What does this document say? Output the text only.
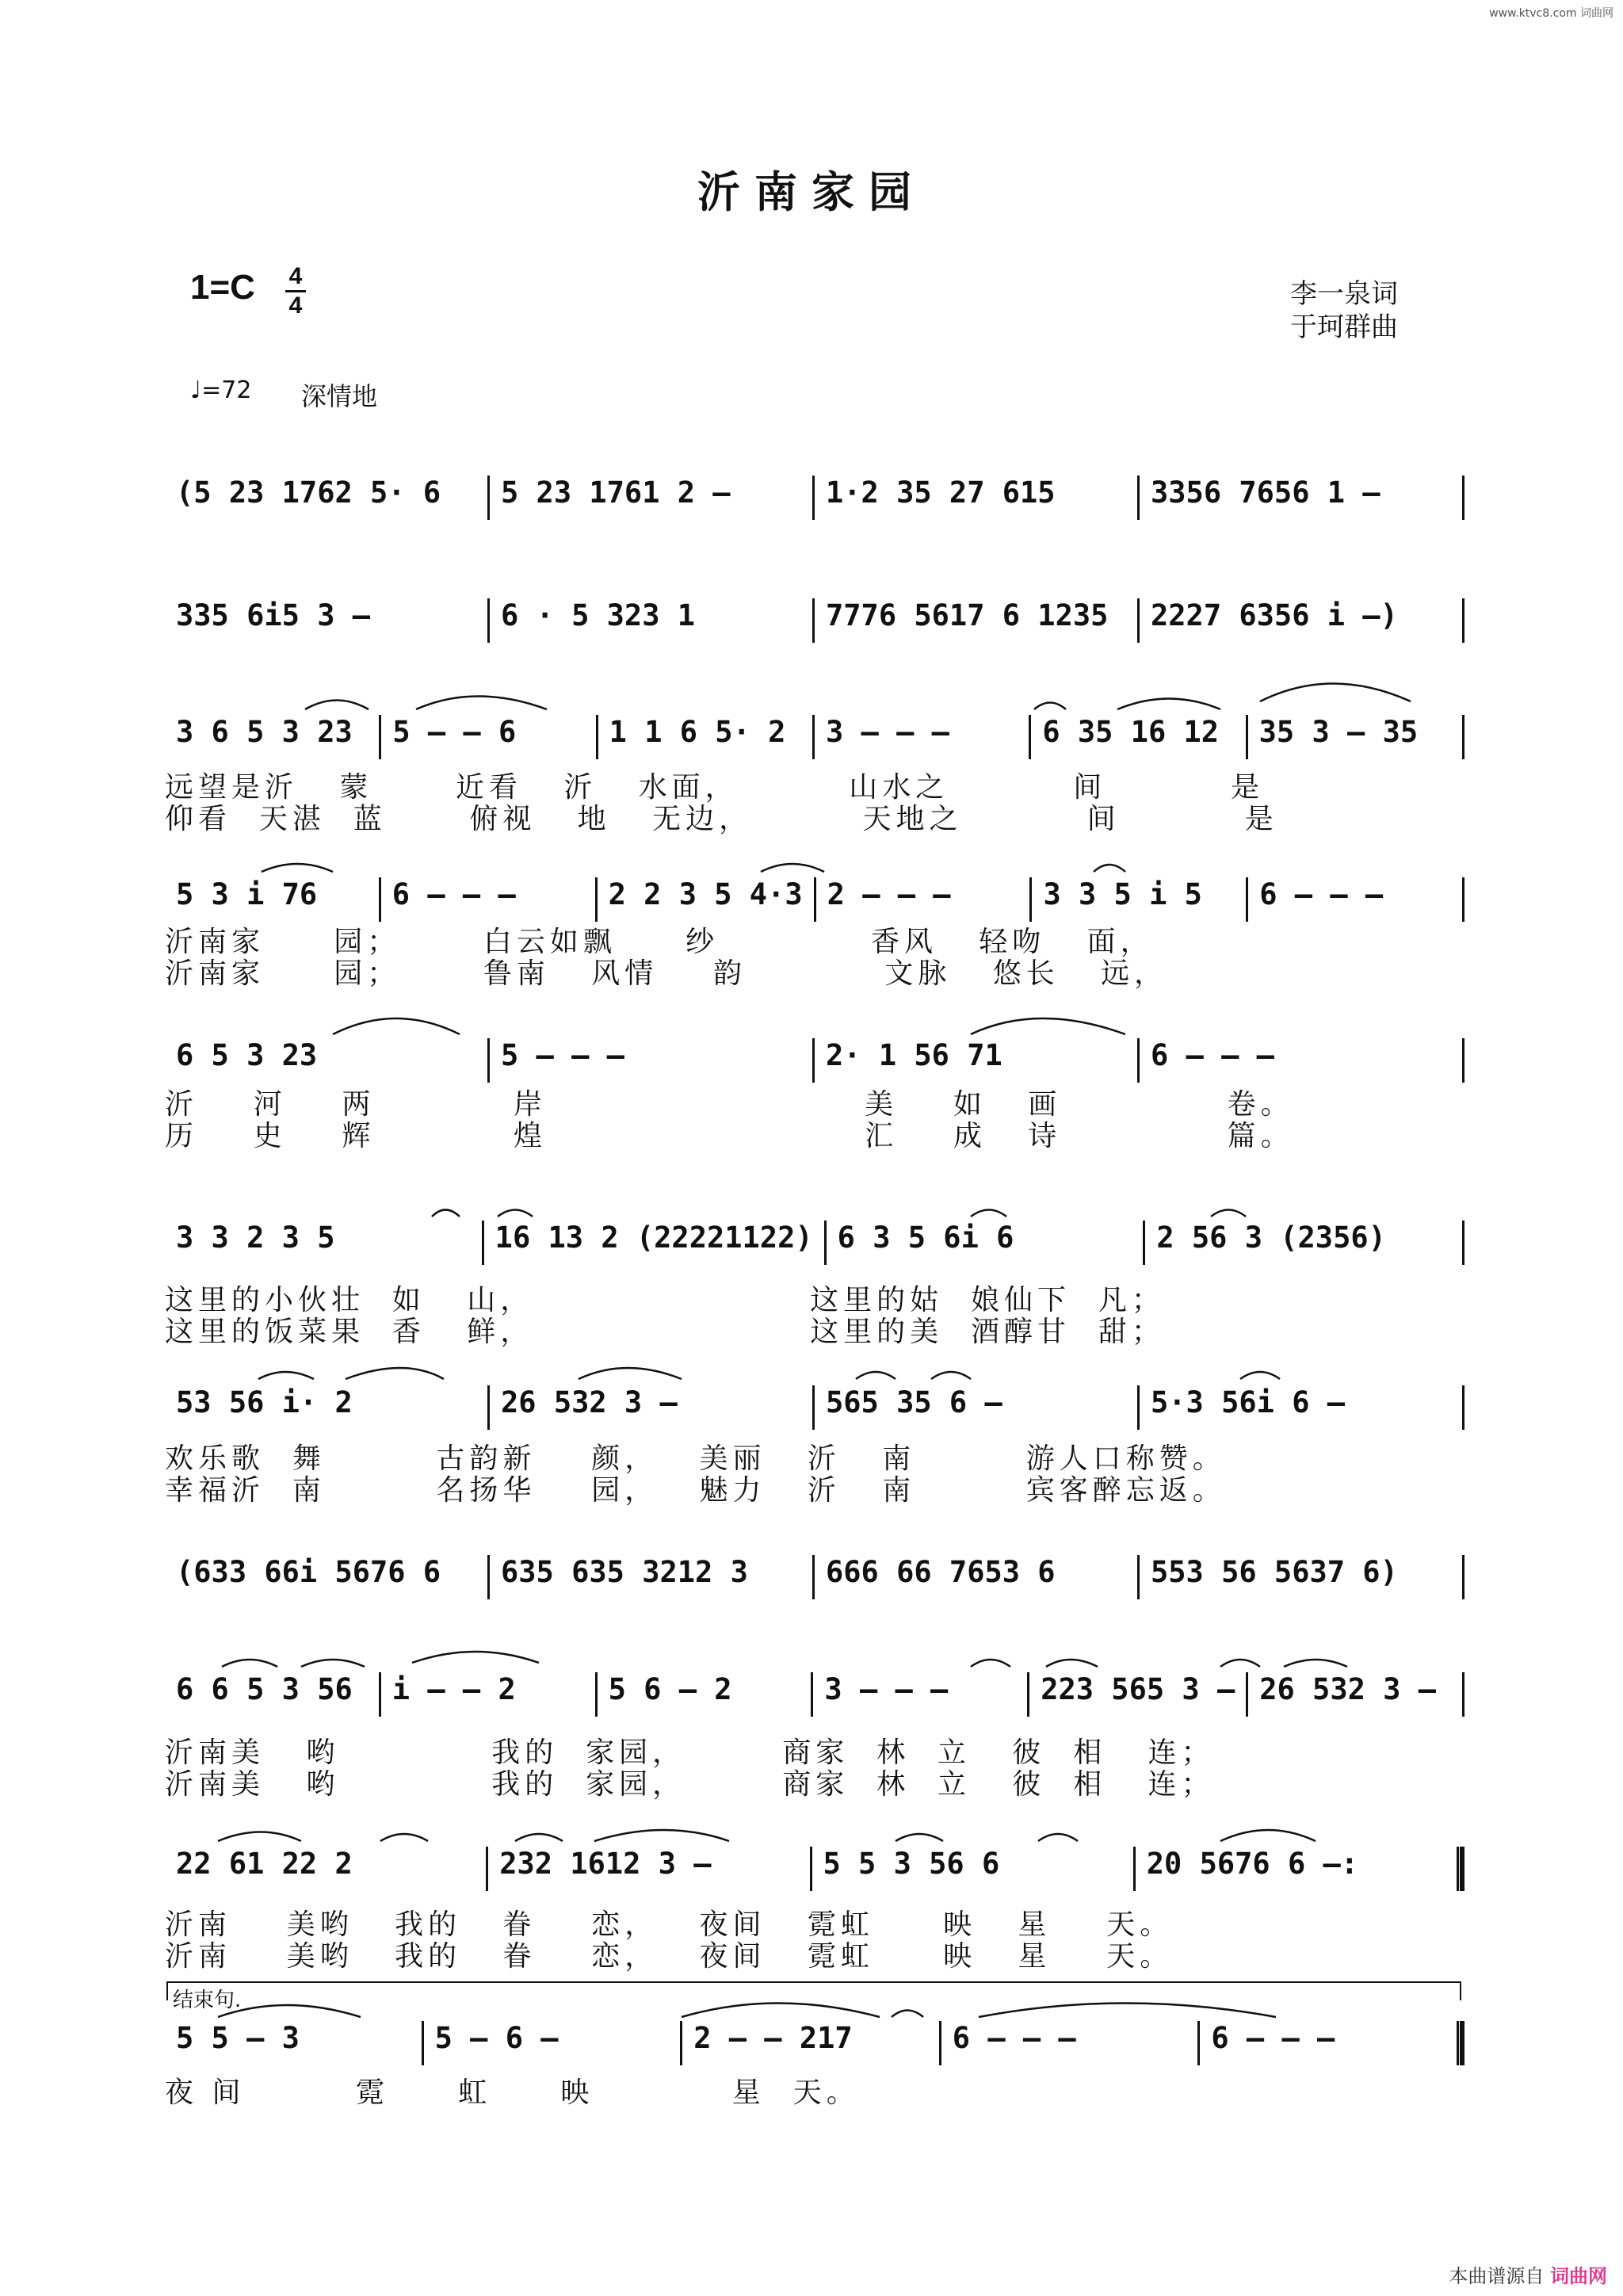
www.ktvc8.com 词曲网
沂南家园
1=C 4
4	李一泉词
于珂群曲
♩=72 深情地
(5 23 1762 5· 6	5 23 1761 2 –	1·2 35 27 615	3356 7656 1 –
335 6i5 3 –	6 · 5 323 1	7776 5617 6 1235	2227 6356 i –)
3 6 5 3 23	5 – – 6	1 1 6 5· 2	3 – – –	6 35 16 12	35 3 – 35
远望是沂   蒙      近看   沂   水面，        山水之         间         是
仰看  天湛  蓝      俯视   地   无边，        天地之         间         是
5 3 i 76	6 – – –	2 2 3 5 4·3 2 – – –	3 3 5 i 5	6 – – –
沂南家     园；      白云如飘     纱           香风   轻吻   面，
沂南家     园；      鲁南   风情    韵          文脉   悠长   远，
6 5 3 23	5 – – –	2· 1 56 71	6 – – –
沂    河    两          岸                       美    如   画            卷。
历    史    辉          煌                       汇    成   诗            篇。
3 3 2 3 5	16 13 2 (22221122) 6 3 5 6i 6	2 56 3 (2356)
这里的小伙壮  如   山，                    这里的姑  娘仙下  凡；
这里的饭菜果  香   鲜，                    这里的美  酒醇甘  甜；
53 56 i· 2	26 532 3 –	565 35 6 –	5·3 56i 6 –
欢乐歌  舞        古韵新    颜，   美丽   沂   南        游人口称赞。
幸福沂  南        名扬华    园，   魅力   沂   南        宾客醉忘返。
(633 66i 5676 6	635 635 3212 3	666 66 7653 6	553 56 5637 6)
6 6 5 3 56	i – – 2	5 6 – 2	3 – – –	223 565 3 – 26 532 3 –
沂南美   哟           我的  家园，       商家  林  立   彼  相   连；
沂南美   哟           我的  家园，       商家  林  立   彼  相   连；
22 61 22 2	232 1612 3 –	5 5 3 56 6	20 5676 6 –:
沂南    美哟   我的   眷    恋，   夜间   霓虹     映   星    天。
沂南    美哟   我的   眷    恋，   夜间   霓虹     映   星    天。
结束句.
5 5 – 3	5 – 6 –	2 – – 217	6 – – –	6 – – –
夜 间        霓     虹     映          星  天。
本曲谱源自 词曲网
